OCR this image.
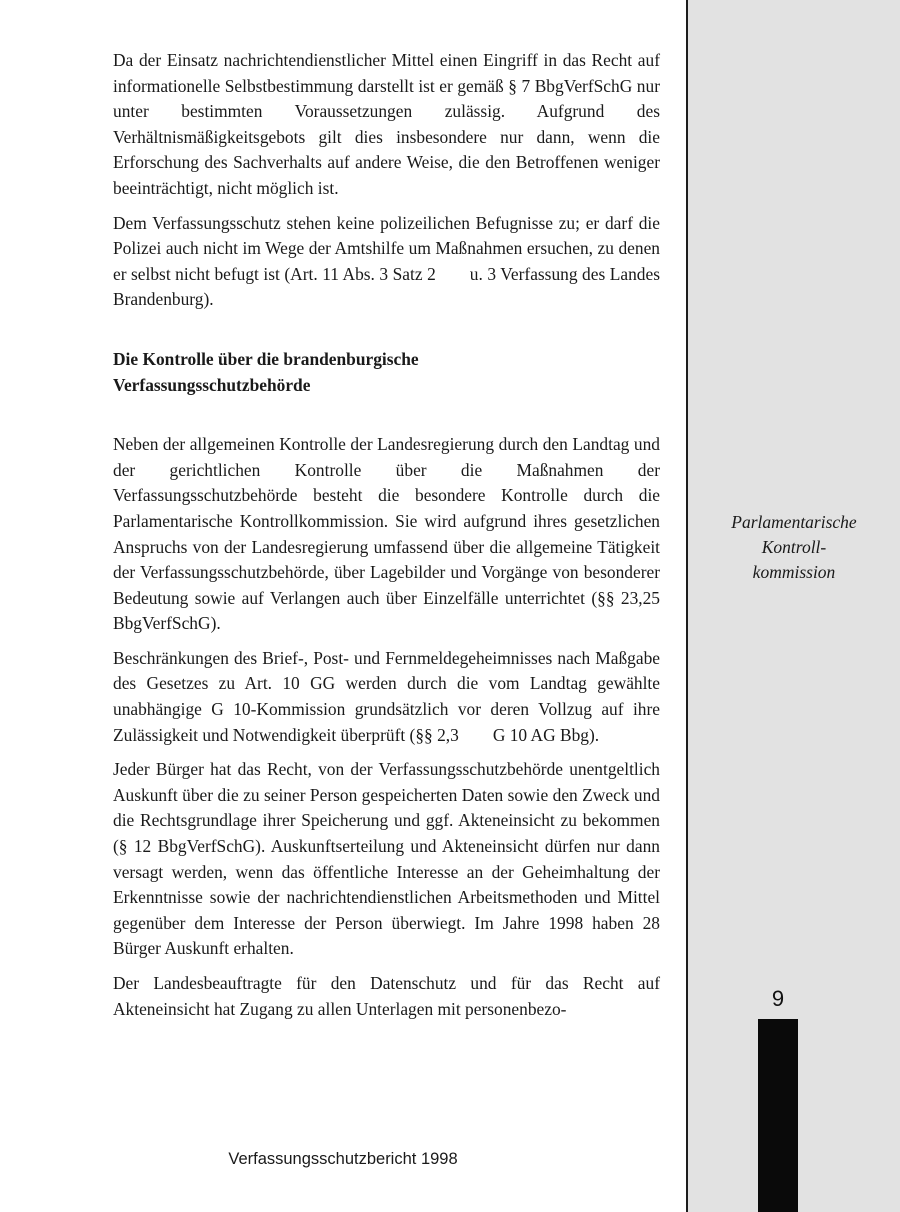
Da der Einsatz nachrichtendienstlicher Mittel einen Eingriff in das Recht auf informationelle Selbstbestimmung darstellt ist er gemäß § 7 BbgVerfSchG nur unter bestimmten Voraussetzungen zulässig. Aufgrund des Verhältnismäßigkeitsgebots gilt dies insbesondere nur dann, wenn die Erforschung des Sachverhalts auf andere Weise, die den Betroffenen weniger beeinträchtigt, nicht möglich ist.

Dem Verfassungsschutz stehen keine polizeilichen Befugnisse zu; er darf die Polizei auch nicht im Wege der Amtshilfe um Maßnahmen ersuchen, zu denen er selbst nicht befugt ist (Art. 11 Abs. 3 Satz 2 u. 3 Verfassung des Landes Brandenburg).

Die Kontrolle über die brandenburgische
Verfassungsschutzbehörde

Neben der allgemeinen Kontrolle der Landesregierung durch den Landtag und der gerichtlichen Kontrolle über die Maßnahmen der Verfassungsschutzbehörde besteht die besondere Kontrolle durch die Parlamentarische Kontrollkommission. Sie wird aufgrund ihres gesetzlichen Anspruchs von der Landesregierung umfassend über die allgemeine Tätigkeit der Verfassungsschutzbehörde, über Lagebilder und Vorgänge von besonderer Bedeutung sowie auf Verlangen auch über Einzelfälle unterrichtet (§§ 23,25 BbgVerfSchG).

Beschränkungen des Brief-, Post- und Fernmeldegeheimnisses nach Maßgabe des Gesetzes zu Art. 10 GG werden durch die vom Landtag gewählte unabhängige G 10-Kommission grundsätzlich vor deren Vollzug auf ihre Zulässigkeit und Notwendigkeit überprüft (§§ 2,3 G 10 AG Bbg).

Jeder Bürger hat das Recht, von der Verfassungsschutzbehörde unentgeltlich Auskunft über die zu seiner Person gespeicherten Daten sowie den Zweck und die Rechtsgrundlage ihrer Speicherung und ggf. Akteneinsicht zu bekommen (§ 12 BbgVerfSchG). Auskunftserteilung und Akteneinsicht dürfen nur dann versagt werden, wenn das öffentliche Interesse an der Geheimhaltung der Erkenntnisse sowie der nachrichtendienstlichen Arbeitsmethoden und Mittel gegenüber dem Interesse der Person überwiegt. Im Jahre 1998 haben 28 Bürger Auskunft erhalten.

Der Landesbeauftragte für den Datenschutz und für das Recht auf Akteneinsicht hat Zugang zu allen Unterlagen mit personenbezo-

Parlamentarische
Kontroll-
kommission
9
Verfassungsschutzbericht 1998
